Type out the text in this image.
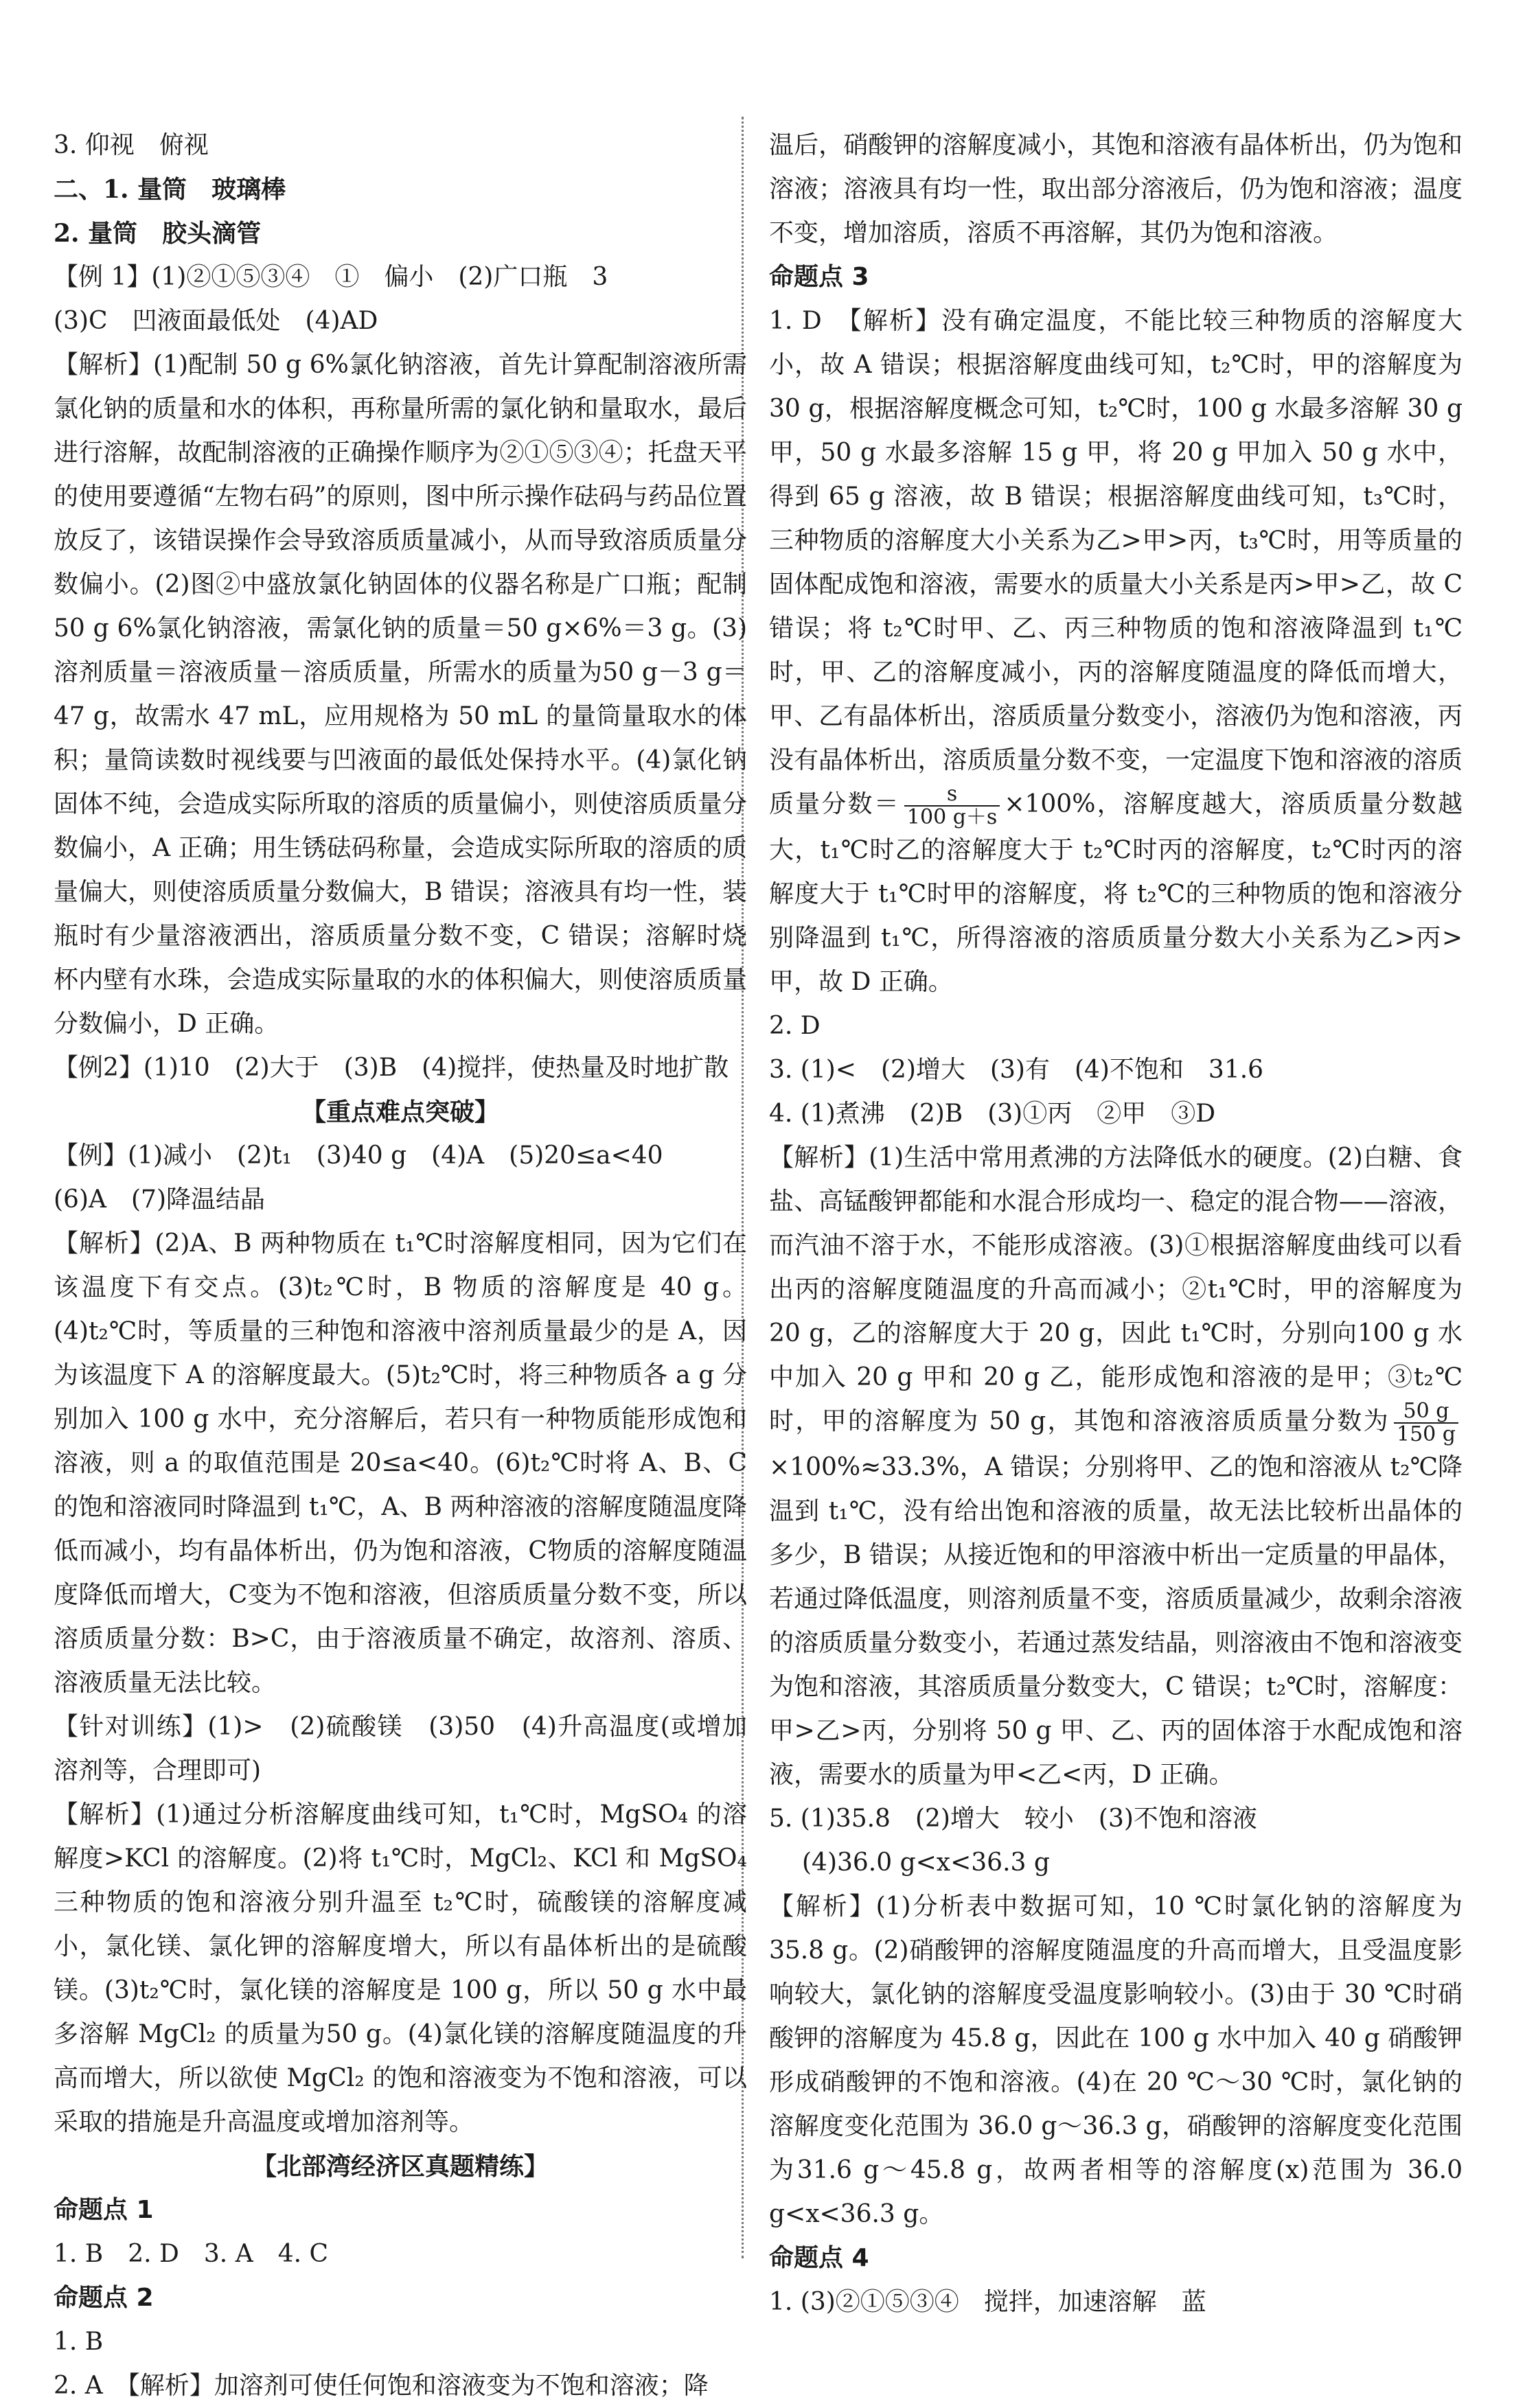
3. 仰视　俯视

二、1. 量筒　玻璃棒

2. 量筒　胶头滴管

【例 1】(1)②①⑤③④　①　偏小　(2)广口瓶　3

(3)C　凹液面最低处　(4)AD

【解析】(1)配制 50 g 6%氯化钠溶液，首先计算配制溶液所需氯化钠的质量和水的体积，再称量所需的氯化钠和量取水，最后进行溶解，故配制溶液的正确操作顺序为②①⑤③④；托盘天平的使用要遵循“左物右码”的原则，图中所示操作砝码与药品位置放反了，该错误操作会导致溶质质量减小，从而导致溶质质量分数偏小。(2)图②中盛放氯化钠固体的仪器名称是广口瓶；配制 50 g 6%氯化钠溶液，需氯化钠的质量＝50 g×6%＝3 g。(3)溶剂质量＝溶液质量－溶质质量，所需水的质量为50 g－3 g＝47 g，故需水 47 mL，应用规格为 50 mL 的量筒量取水的体积；量筒读数时视线要与凹液面的最低处保持水平。(4)氯化钠固体不纯，会造成实际所取的溶质的质量偏小，则使溶质质量分数偏小，A 正确；用生锈砝码称量，会造成实际所取的溶质的质量偏大，则使溶质质量分数偏大，B 错误；溶液具有均一性，装瓶时有少量溶液洒出，溶质质量分数不变，C 错误；溶解时烧杯内壁有水珠，会造成实际量取的水的体积偏大，则使溶质质量分数偏小，D 正确。

【例2】(1)10　(2)大于　(3)B　(4)搅拌，使热量及时地扩散

【重点难点突破】

【例】(1)减小　(2)t₁　(3)40 g　(4)A　(5)20≤a<40

(6)A　(7)降温结晶

【解析】(2)A、B 两种物质在 t₁℃时溶解度相同，因为它们在该温度下有交点。(3)t₂℃时，B 物质的溶解度是 40 g。(4)t₂℃时，等质量的三种饱和溶液中溶剂质量最少的是 A，因为该温度下 A 的溶解度最大。(5)t₂℃时，将三种物质各 a g 分别加入 100 g 水中，充分溶解后，若只有一种物质能形成饱和溶液，则 a 的取值范围是 20≤a<40。(6)t₂℃时将 A、B、C 的饱和溶液同时降温到 t₁℃，A、B 两种溶液的溶解度随温度降低而减小，均有晶体析出，仍为饱和溶液，C物质的溶解度随温度降低而增大，C变为不饱和溶液，但溶质质量分数不变，所以溶质质量分数：B>C，由于溶液质量不确定，故溶剂、溶质、溶液质量无法比较。

【针对训练】(1)>　(2)硫酸镁　(3)50　(4)升高温度(或增加溶剂等，合理即可)

【解析】(1)通过分析溶解度曲线可知，t₁℃时，MgSO₄ 的溶解度>KCl 的溶解度。(2)将 t₁℃时，MgCl₂、KCl 和 MgSO₄ 三种物质的饱和溶液分别升温至 t₂℃时，硫酸镁的溶解度减小，氯化镁、氯化钾的溶解度增大，所以有晶体析出的是硫酸镁。(3)t₂℃时，氯化镁的溶解度是 100 g，所以 50 g 水中最多溶解 MgCl₂ 的质量为50 g。(4)氯化镁的溶解度随温度的升高而增大，所以欲使 MgCl₂ 的饱和溶液变为不饱和溶液，可以采取的措施是升高温度或增加溶剂等。

【北部湾经济区真题精练】

命题点 1

1. B　2. D　3. A　4. C

命题点 2

1. B

2. A　【解析】加溶剂可使任何饱和溶液变为不饱和溶液；降

温后，硝酸钾的溶解度减小，其饱和溶液有晶体析出，仍为饱和溶液；溶液具有均一性，取出部分溶液后，仍为饱和溶液；温度不变，增加溶质，溶质不再溶解，其仍为饱和溶液。

命题点 3

1. D　【解析】没有确定温度，不能比较三种物质的溶解度大小，故 A 错误；根据溶解度曲线可知，t₂℃时，甲的溶解度为 30 g，根据溶解度概念可知，t₂℃时，100 g 水最多溶解 30 g 甲，50 g 水最多溶解 15 g 甲，将 20 g 甲加入 50 g 水中，得到 65 g 溶液，故 B 错误；根据溶解度曲线可知，t₃℃时，三种物质的溶解度大小关系为乙>甲>丙，t₃℃时，用等质量的固体配成饱和溶液，需要水的质量大小关系是丙>甲>乙，故 C 错误；将 t₂℃时甲、乙、丙三种物质的饱和溶液降温到 t₁℃时，甲、乙的溶解度减小，丙的溶解度随温度的降低而增大，甲、乙有晶体析出，溶质质量分数变小，溶液仍为饱和溶液，丙没有晶体析出，溶质质量分数不变，一定温度下饱和溶液的溶质质量分数＝ $\frac{s}{100 g+s} \times 100\%$，溶解度越大，溶质质量分数越大，t₁℃时乙的溶解度大于 t₂℃时丙的溶解度，t₂℃时丙的溶解度大于 t₁℃时甲的溶解度，将 t₂℃的三种物质的饱和溶液分别降温到 t₁℃，所得溶液的溶质质量分数大小关系为乙>丙>甲，故 D 正确。

2. D

3. (1)<　(2)增大　(3)有　(4)不饱和　31.6

4. (1)煮沸　(2)B　(3)①丙　②甲　③D

【解析】(1)生活中常用煮沸的方法降低水的硬度。(2)白糖、食盐、高锰酸钾都能和水混合形成均一、稳定的混合物——溶液，而汽油不溶于水，不能形成溶液。(3)①根据溶解度曲线可以看出丙的溶解度随温度的升高而减小；②t₁℃时，甲的溶解度为 20 g，乙的溶解度大于 20 g，因此 t₁℃时，分别向100 g 水中加入 20 g 甲和 20 g 乙，能形成饱和溶液的是甲；③t₂℃时，甲的溶解度为 50 g，其饱和溶液溶质质量分数为 $\frac{50 g}{150 g}$
×100%≈33.3%，A 错误；分别将甲、乙的饱和溶液从 t₂℃降温到 t₁℃，没有给出饱和溶液的质量，故无法比较析出晶体的多少，B 错误；从接近饱和的甲溶液中析出一定质量的甲晶体，若通过降低温度，则溶剂质量不变，溶质质量减少，故剩余溶液的溶质质量分数变小，若通过蒸发结晶，则溶液由不饱和溶液变为饱和溶液，其溶质质量分数变大，C 错误；t₂℃时，溶解度：甲>乙>丙，分别将 50 g 甲、乙、丙的固体溶于水配成饱和溶液，需要水的质量为甲<乙<丙，D 正确。

5. (1)35.8　(2)增大　较小　(3)不饱和溶液

(4)36.0 g<x<36.3 g

【解析】(1)分析表中数据可知，10 ℃时氯化钠的溶解度为 35.8 g。(2)硝酸钾的溶解度随温度的升高而增大，且受温度影响较大，氯化钠的溶解度受温度影响较小。(3)由于 30 ℃时硝酸钾的溶解度为 45.8 g，因此在 100 g 水中加入 40 g 硝酸钾形成硝酸钾的不饱和溶液。(4)在 20 ℃～30 ℃时，氯化钠的溶解度变化范围为 36.0 g～36.3 g，硝酸钾的溶解度变化范围为31.6 g～45.8 g，故两者相等的溶解度(x)范围为 36.0 g<x<36.3 g。

命题点 4

1. (3)②①⑤③④　搅拌，加速溶解　蓝
